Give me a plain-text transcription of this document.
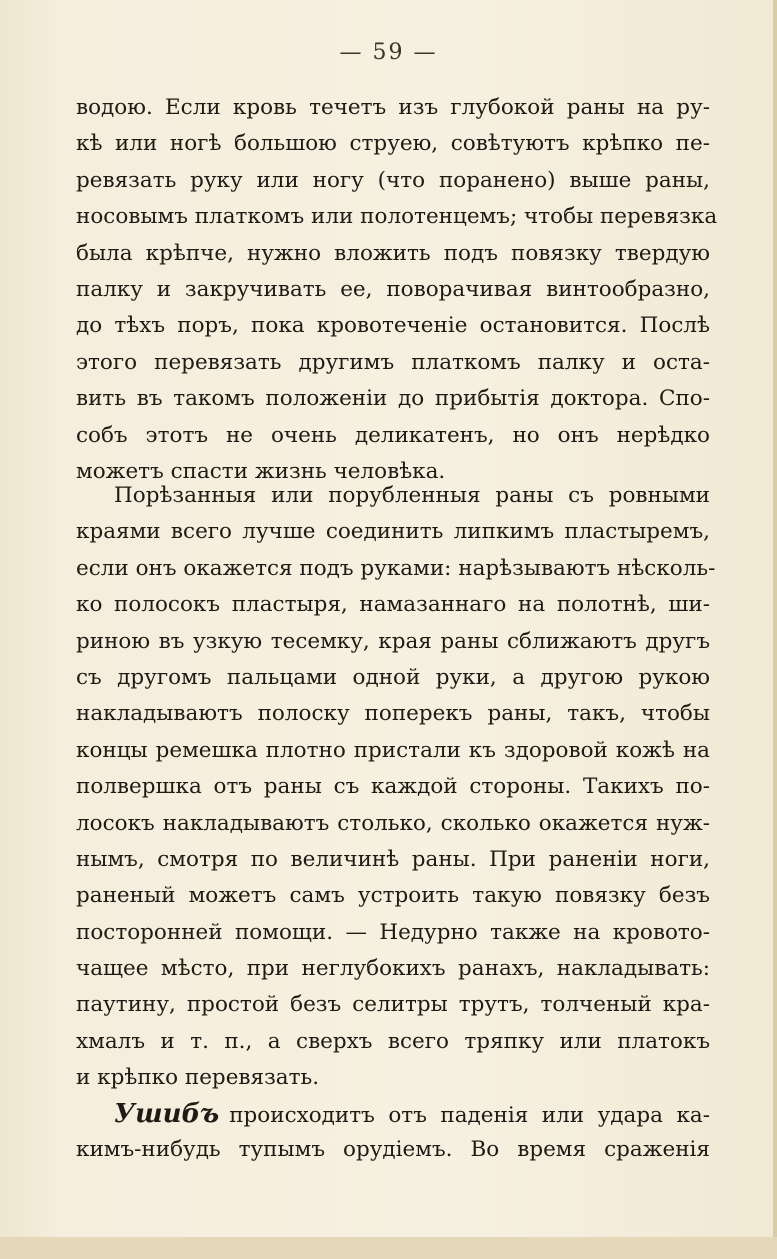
— 59 —
водою. Если кровь течетъ изъ глубокой раны на ру-
кѣ или ногѣ большою струею, совѣтуютъ крѣпко пе-
ревязать руку или ногу (что поранено) выше раны,
носовымъ платкомъ или полотенцемъ; чтобы перевязка
была крѣпче, нужно вложить подъ повязку твердую
палку и закручивать ее, поворачивая винтообразно,
до тѣхъ поръ, пока кровотеченіе остановится. Послѣ
этого перевязать другимъ платкомъ палку и оста-
вить въ такомъ положеніи до прибытія доктора. Спо-
собъ этотъ не очень деликатенъ, но онъ нерѣдко
можетъ спасти жизнь человѣка.
Порѣзанныя или порубленныя раны съ ровными
краями всего лучше соединить липкимъ пластыремъ,
если онъ окажется подъ руками: нарѣзываютъ нѣсколь-
ко полосокъ пластыря, намазаннаго на полотнѣ, ши-
риною въ узкую тесемку, края раны сближаютъ другъ
съ другомъ пальцами одной руки, а другою рукою
накладываютъ полоску поперекъ раны, такъ, чтобы
концы ремешка плотно пристали къ здоровой кожѣ на
полвершка отъ раны съ каждой стороны. Такихъ по-
лосокъ накладываютъ столько, сколько окажется нуж-
нымъ, смотря по величинѣ раны. При раненіи ноги,
раненый можетъ самъ устроить такую повязку безъ
посторонней помощи. — Недурно также на кровото-
чащее мѣсто, при неглубокихъ ранахъ, накладывать:
паутину, простой безъ селитры трутъ, толченый кра-
хмалъ и т. п., а сверхъ всего тряпку или платокъ
и крѣпко перевязать.
Ушибъ происходитъ отъ паденія или удара ка-
кимъ-нибудь тупымъ орудіемъ. Во время сраженія
